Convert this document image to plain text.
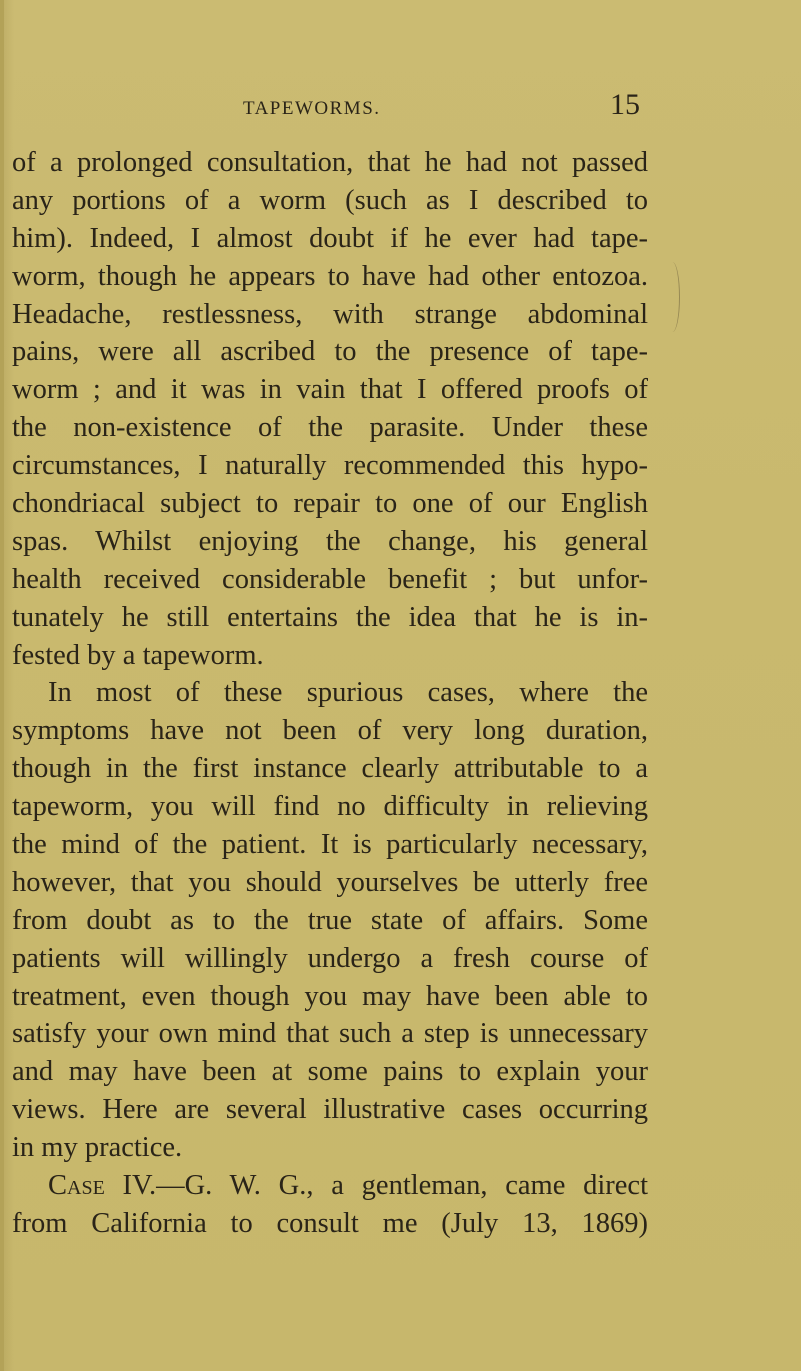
TAPEWORMS.	15
of a prolonged consultation, that he had not passed
any portions of a worm (such as I described to
him). Indeed, I almost doubt if he ever had tape-
worm, though he appears to have had other entozoa.
Headache, restlessness, with strange abdominal
pains, were all ascribed to the presence of tape-
worm ; and it was in vain that I offered proofs of
the non-existence of the parasite. Under these
circumstances, I naturally recommended this hypo-
chondriacal subject to repair to one of our English
spas. Whilst enjoying the change, his general
health received considerable benefit ; but unfor-
tunately he still entertains the idea that he is in-
fested by a tapeworm.
In most of these spurious cases, where the
symptoms have not been of very long duration,
though in the first instance clearly attributable to a
tapeworm, you will find no difficulty in relieving
the mind of the patient. It is particularly necessary,
however, that you should yourselves be utterly free
from doubt as to the true state of affairs. Some
patients will willingly undergo a fresh course of
treatment, even though you may have been able to
satisfy your own mind that such a step is unnecessary
and may have been at some pains to explain your
views. Here are several illustrative cases occurring
in my practice.
Case IV.—G. W. G., a gentleman, came direct
from California to consult me (July 13, 1869)
